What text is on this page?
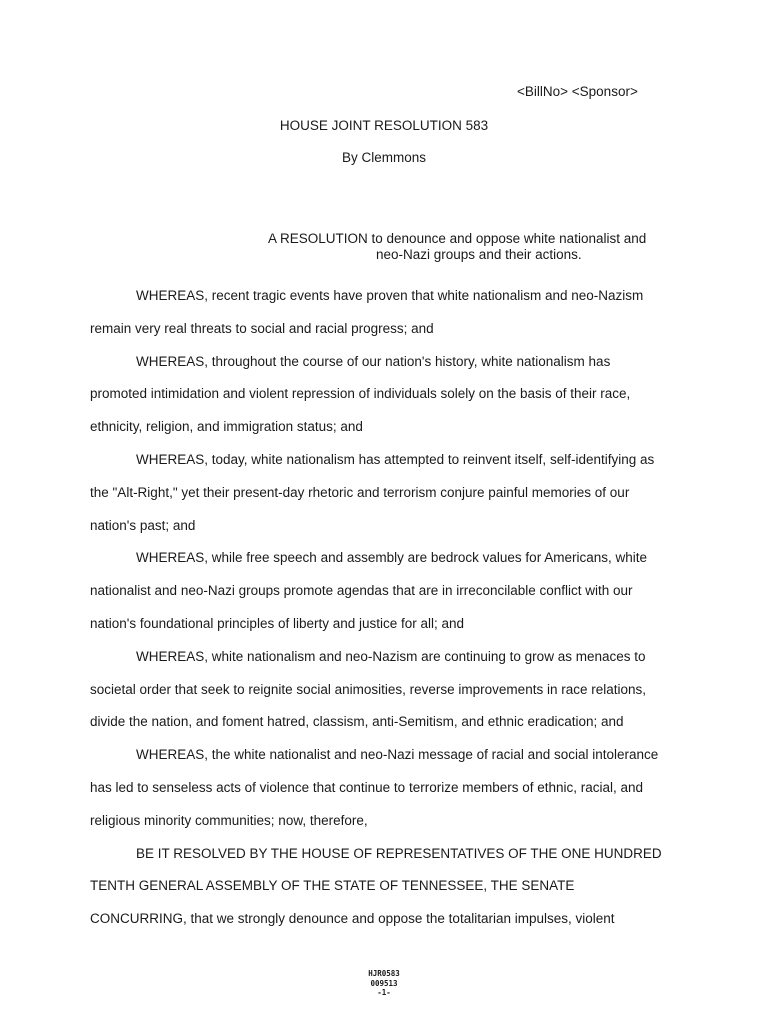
<BillNo> <Sponsor>
HOUSE JOINT RESOLUTION 583
By Clemmons
A RESOLUTION to denounce and oppose white nationalist and
neo-Nazi groups and their actions.
WHEREAS, recent tragic events have proven that white nationalism and neo-Nazism
remain very real threats to social and racial progress; and
WHEREAS, throughout the course of our nation's history, white nationalism has
promoted intimidation and violent repression of individuals solely on the basis of their race,
ethnicity, religion, and immigration status; and
WHEREAS, today, white nationalism has attempted to reinvent itself, self-identifying as
the "Alt-Right," yet their present-day rhetoric and terrorism conjure painful memories of our
nation's past; and
WHEREAS, while free speech and assembly are bedrock values for Americans, white
nationalist and neo-Nazi groups promote agendas that are in irreconcilable conflict with our
nation's foundational principles of liberty and justice for all; and
WHEREAS, white nationalism and neo-Nazism are continuing to grow as menaces to
societal order that seek to reignite social animosities, reverse improvements in race relations,
divide the nation, and foment hatred, classism, anti-Semitism, and ethnic eradication; and
WHEREAS, the white nationalist and neo-Nazi message of racial and social intolerance
has led to senseless acts of violence that continue to terrorize members of ethnic, racial, and
religious minority communities; now, therefore,
BE IT RESOLVED BY THE HOUSE OF REPRESENTATIVES OF THE ONE HUNDRED
TENTH GENERAL ASSEMBLY OF THE STATE OF TENNESSEE, THE SENATE
CONCURRING, that we strongly denounce and oppose the totalitarian impulses, violent
HJR0583
009513
-1-
